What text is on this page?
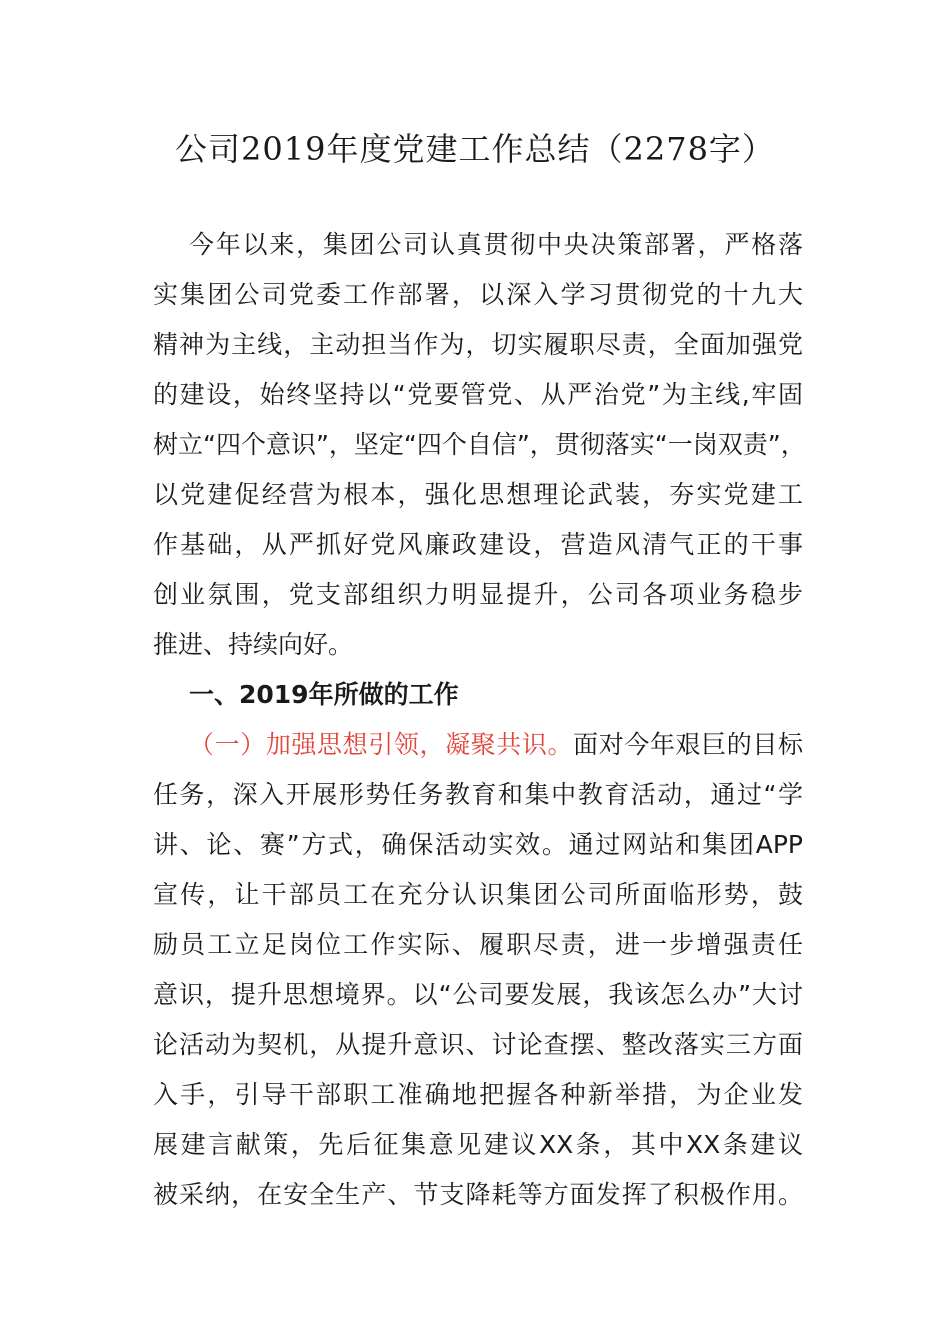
公司2019年度党建工作总结（2278字）
今年以来，集团公司认真贯彻中央决策部署，严格落
实集团公司党委工作部署，以深入学习贯彻党的十九大
精神为主线，主动担当作为，切实履职尽责，全面加强党
的建设，始终坚持以“党要管党、从严治党”为主线,牢固
树立“四个意识”，坚定“四个自信”，贯彻落实“一岗双责”，
以党建促经营为根本，强化思想理论武装，夯实党建工
作基础，从严抓好党风廉政建设，营造风清气正的干事
创业氛围，党支部组织力明显提升，公司各项业务稳步
推进、持续向好。
一、2019年所做的工作
（一）加强思想引领，凝聚共识。面对今年艰巨的目标
任务，深入开展形势任务教育和集中教育活动，通过“学
讲、论、赛”方式，确保活动实效。通过网站和集团APP
宣传，让干部员工在充分认识集团公司所面临形势，鼓
励员工立足岗位工作实际、履职尽责，进一步增强责任
意识，提升思想境界。以“公司要发展，我该怎么办”大讨
论活动为契机，从提升意识、讨论查摆、整改落实三方面
入手，引导干部职工准确地把握各种新举措，为企业发
展建言献策，先后征集意见建议XX条，其中XX条建议
被采纳，在安全生产、节支降耗等方面发挥了积极作用。
